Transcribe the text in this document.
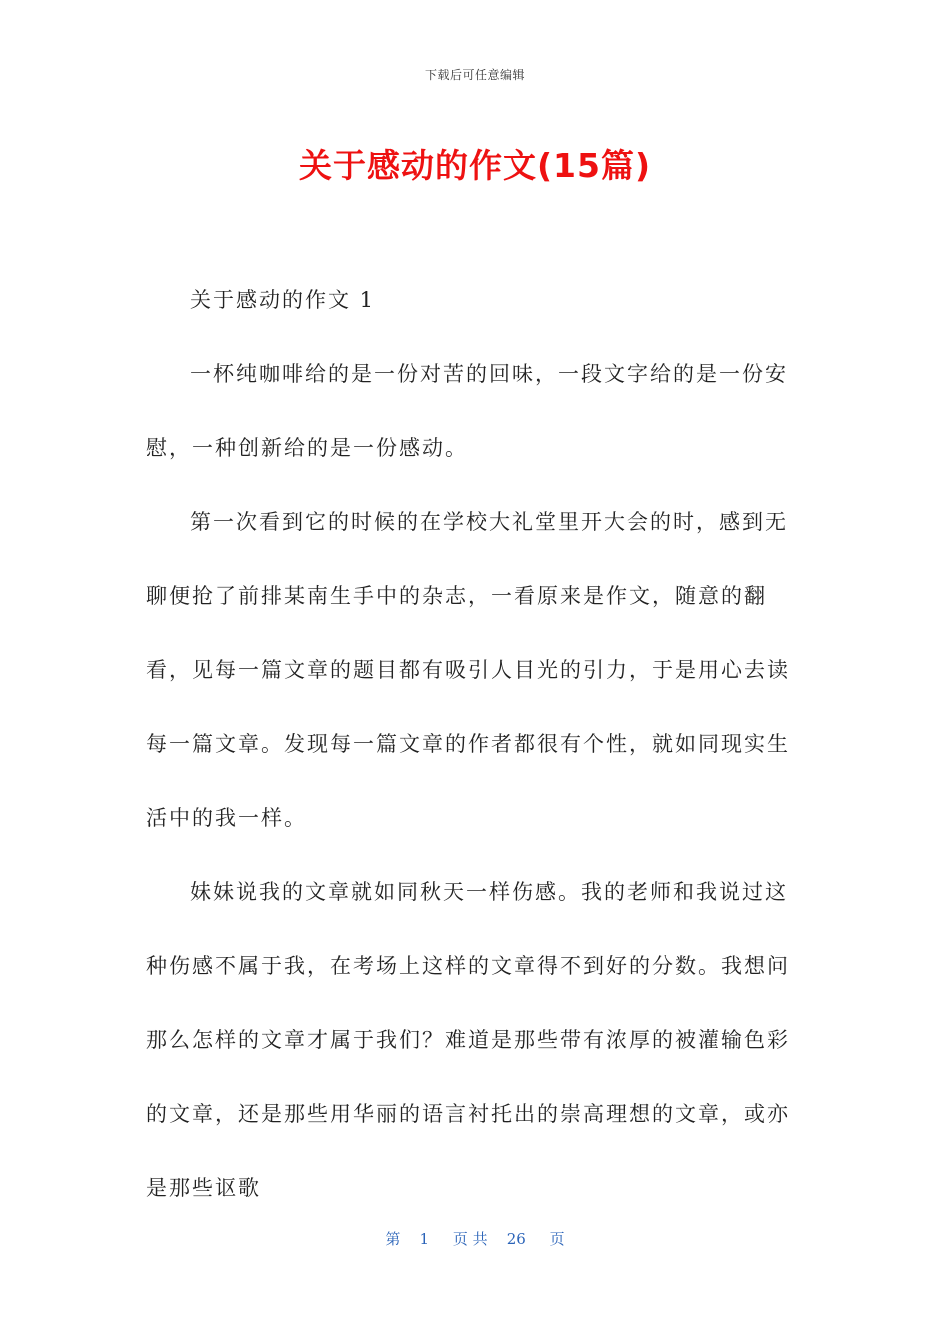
下载后可任意编辑
关于感动的作文(15篇)

关于感动的作文 1

一杯纯咖啡给的是一份对苦的回味，一段文字给的是一份安慰，一种创新给的是一份感动。

第一次看到它的时候的在学校大礼堂里开大会的时，感到无聊便抢了前排某南生手中的杂志，一看原来是作文，随意的翻看，见每一篇文章的题目都有吸引人目光的引力，于是用心去读每一篇文章。发现每一篇文章的作者都很有个性，就如同现实生活中的我一样。

妹妹说我的文章就如同秋天一样伤感。我的老师和我说过这种伤感不属于我，在考场上这样的文章得不到好的分数。我想问那么怎样的文章才属于我们？难道是那些带有浓厚的被灌输色彩的文章，还是那些用华丽的语言衬托出的崇高理想的文章，或亦是那些讴歌

第 1 页 共 26 页
